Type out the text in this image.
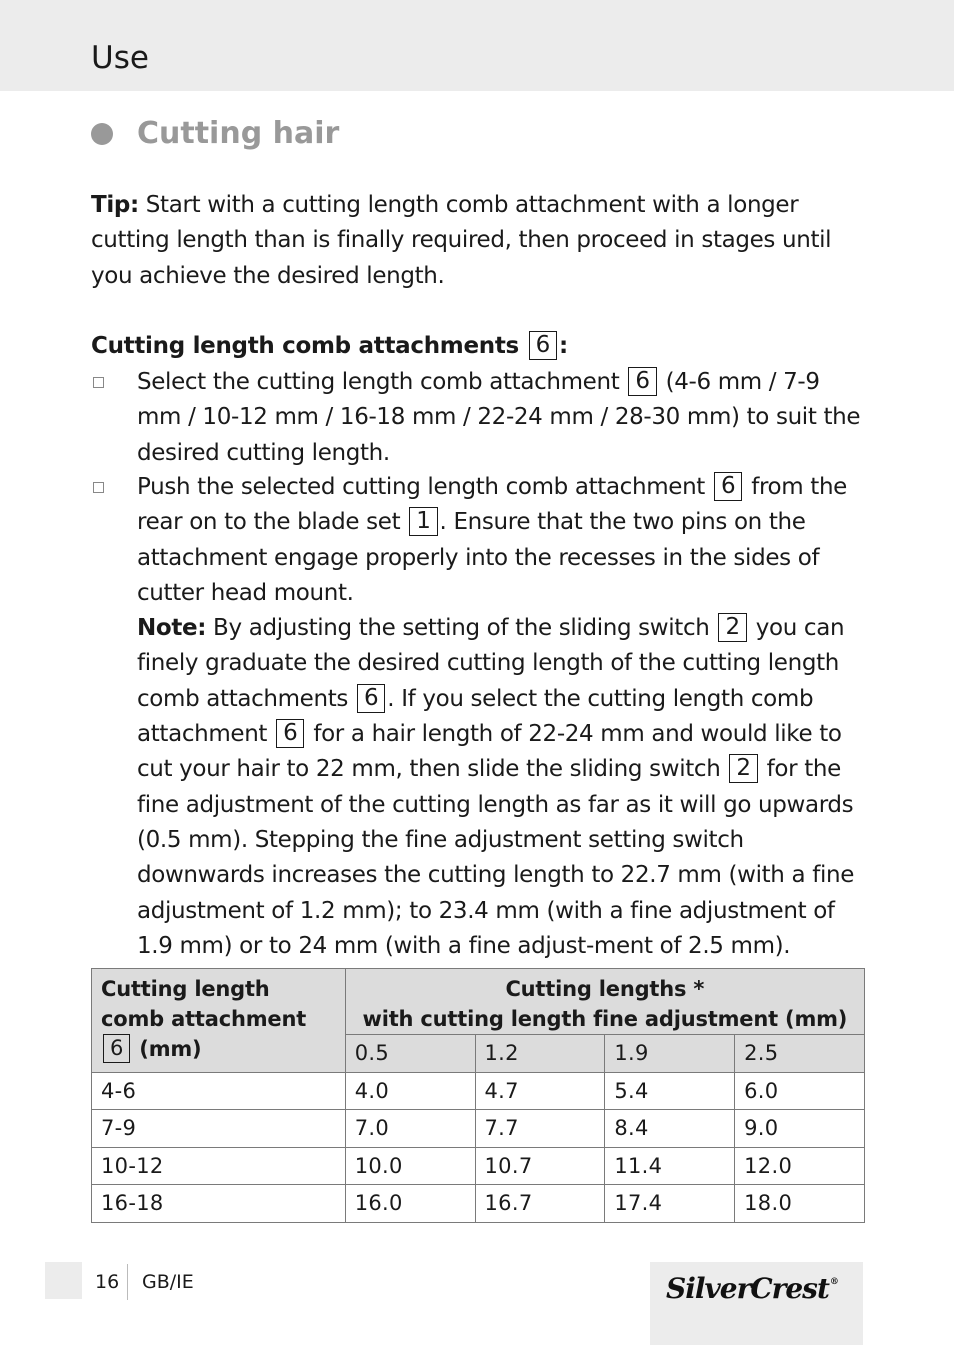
Use
Cutting hair

Tip: Start with a cutting length comb attachment with a longer cutting length than is finally required, then proceed in stages until you achieve the desired length.

Cutting length comb attachments 6 :

Select the cutting length comb attachment 6 (4-6 mm / 7-9 mm / 10-12 mm / 16-18 mm / 22-24 mm / 28-30 mm) to suit the desired cutting length.

Push the selected cutting length comb attachment 6 from the rear on to the blade set 1 . Ensure that the two pins on the attachment engage properly into the recesses in the sides of cutter head mount.
Note: By adjusting the setting of the sliding switch 2 you can finely graduate the desired cutting length of the cutting length comb attachments 6 . If you select the cutting length comb attachment 6 for a hair length of 22-24 mm and would like to cut your hair to 22 mm, then slide the sliding switch 2 for the fine adjustment of the cutting length as far as it will go upwards (0.5 mm). Stepping the fine adjustment setting switch downwards increases the cutting length to 22.7 mm (with a fine adjustment of 1.2 mm); to 23.4 mm (with a fine adjustment of 1.9 mm) or to 24 mm (with a fine adjust-ment of 2.5 mm).

Cutting length comb attachment 6 (mm)	Cutting lengths *
with cutting length fine adjustment (mm)			
	0.5	1.2	1.9	2.5
4-6	4.0	4.7	5.4	6.0
7-9	7.0	7.7	8.4	9.0
10-12	10.0	10.7	11.4	12.0
16-18	16.0	16.7	17.4	18.0
16 GB/IE	SilverCrest®
